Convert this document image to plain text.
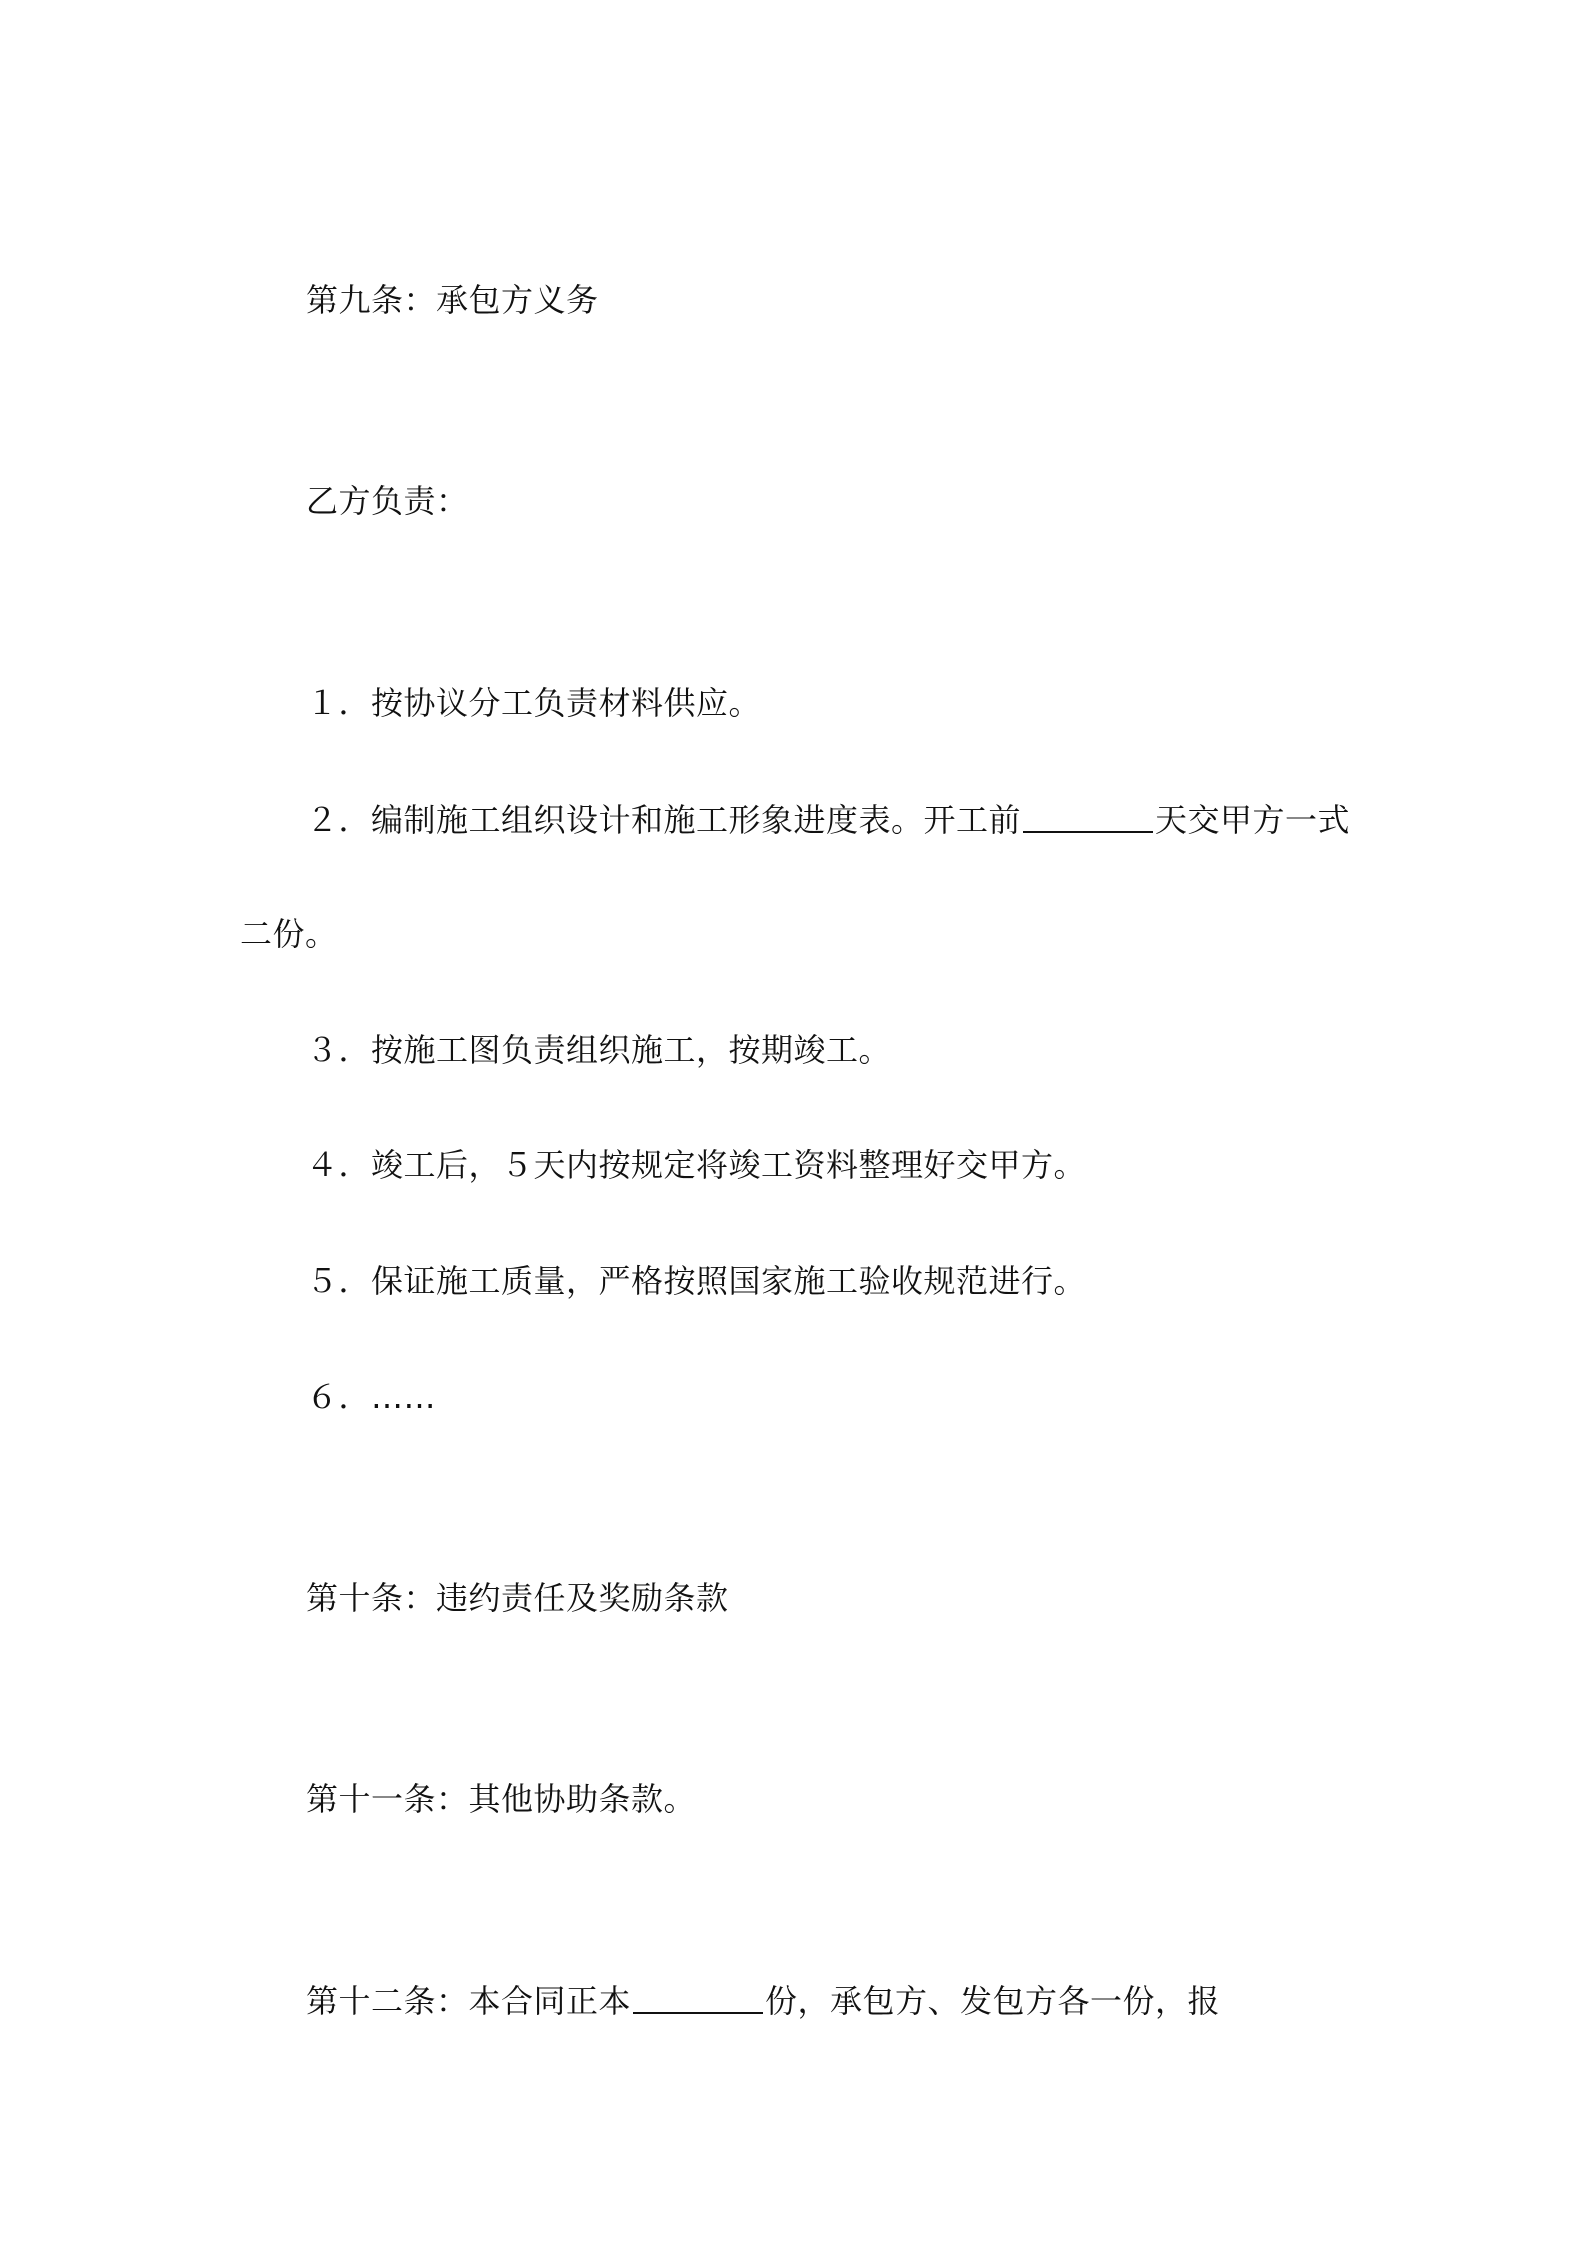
第九条：承包方义务
乙方负责：
１．按协议分工负责材料供应。
２．编制施工组织设计和施工形象进度表。开工前	天交甲方一式
二份。
３．按施工图负责组织施工，按期竣工。
４．竣工后，５天内按规定将竣工资料整理好交甲方。
５．保证施工质量，严格按照国家施工验收规范进行。
６．……
第十条：违约责任及奖励条款
第十一条：其他协助条款。
第十二条：本合同正本	份，承包方、发包方各一份，报
